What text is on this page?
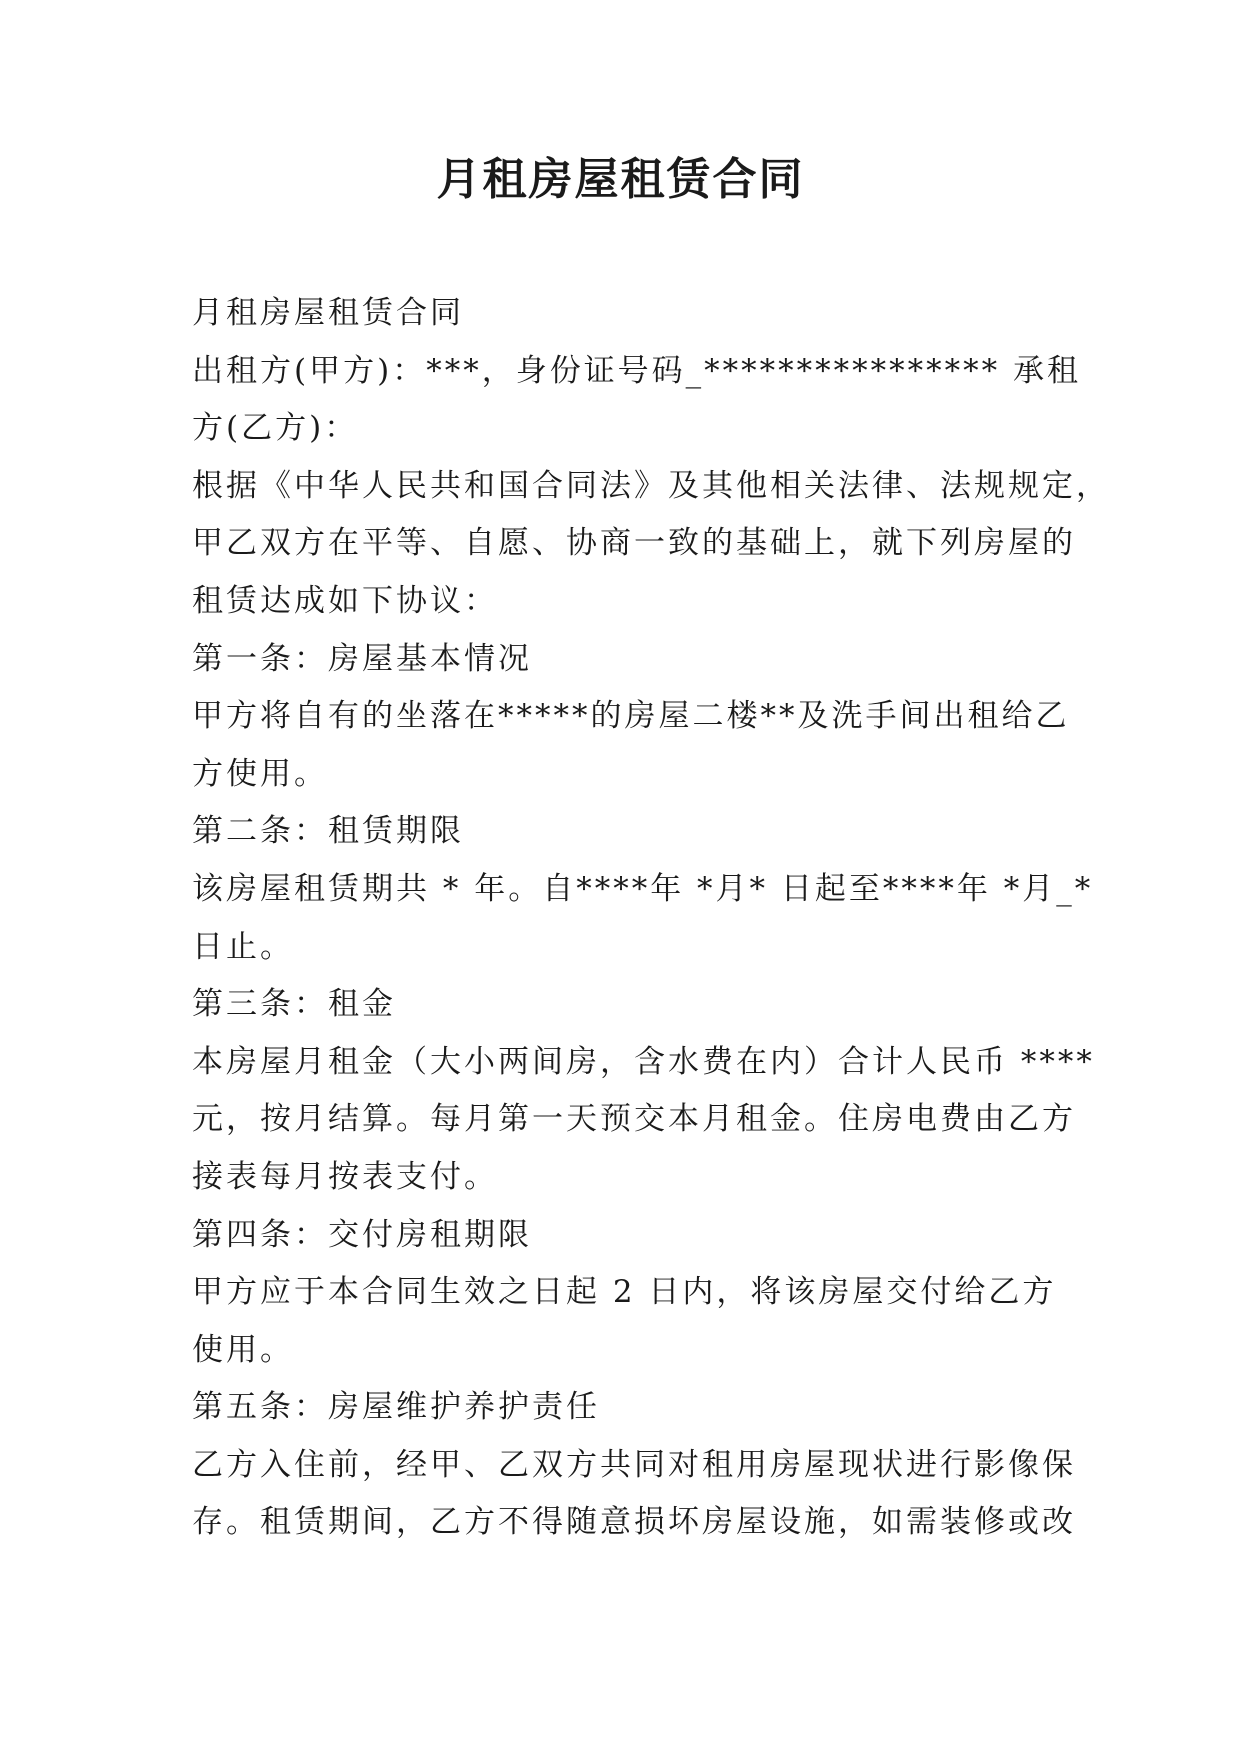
月租房屋租赁合同
月租房屋租赁合同
出租方(甲方)：***，身份证号码_**************** 承租
方(乙方)：
根据《中华人民共和国合同法》及其他相关法律、法规规定，
甲乙双方在平等、自愿、协商一致的基础上，就下列房屋的
租赁达成如下协议：
第一条：房屋基本情况
甲方将自有的坐落在*****的房屋二楼**及洗手间出租给乙
方使用。
第二条：租赁期限
该房屋租赁期共 * 年。自****年 *月* 日起至****年 *月_*
日止。
第三条：租金
本房屋月租金（大小两间房，含水费在内）合计人民币 ****
元，按月结算。每月第一天预交本月租金。住房电费由乙方
接表每月按表支付。
第四条：交付房租期限
甲方应于本合同生效之日起 2 日内，将该房屋交付给乙方
使用。
第五条：房屋维护养护责任
乙方入住前，经甲、乙双方共同对租用房屋现状进行影像保
存。租赁期间，乙方不得随意损坏房屋设施，如需装修或改
